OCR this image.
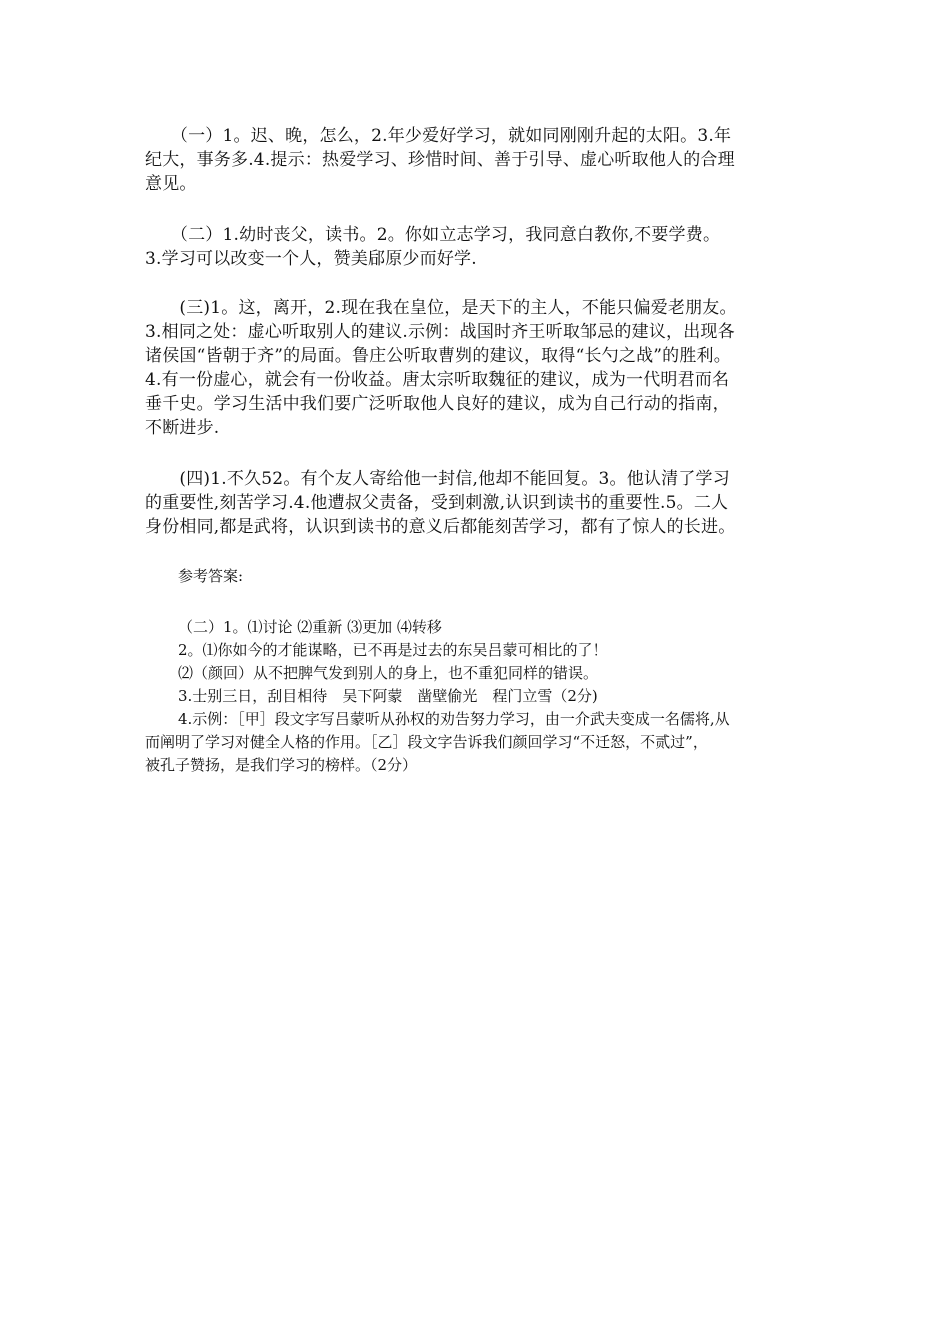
　　（一）1。迟、晚，怎么，2.年少爱好学习，就如同刚刚升起的太阳。3.年
纪大，事务多.4.提示：热爱学习、珍惜时间、善于引导、虚心听取他人的合理
意见。

　　（二）1.幼时丧父，读书。2。你如立志学习，我同意白教你,不要学费。
3.学习可以改变一个人，赞美郈原少而好学.

　　(三)1。这，离开，2.现在我在皇位，是天下的主人，不能只偏爱老朋友。
3.相同之处：虚心听取别人的建议.示例：战国时齐王听取邹忌的建议，出现各
诸侯国“皆朝于齐”的局面。鲁庄公听取曹刿的建议，取得“长勺之战”的胜利。
4.有一份虚心，就会有一份收益。唐太宗听取魏征的建议，成为一代明君而名
垂千史。学习生活中我们要广泛听取他人良好的建议，成为自己行动的指南，
不断进步.

　　(四)1.不久52。有个友人寄给他一封信,他却不能回复。3。他认清了学习
的重要性,刻苦学习.4.他遭叔父责备，受到刺激,认识到读书的重要性.5。二人
身份相同,都是武将，认识到读书的意义后都能刻苦学习，都有了惊人的长进。

参考答案:
（二）1。⑴讨论 ⑵重新 ⑶更加 ⑷转移
2。⑴你如今的才能谋略，已不再是过去的东吴吕蒙可相比的了！
⑵（颜回）从不把脾气发到别人的身上，也不重犯同样的错误。
3.士别三日，刮目相待　吴下阿蒙　凿壁偷光　程门立雪（2分)
4.示例：［甲］段文字写吕蒙听从孙权的劝告努力学习，由一介武夫变成一名儒将,从
而阐明了学习对健全人格的作用。［乙］段文字告诉我们颜回学习“不迁怒，不贰过”，
被孔子赞扬，是我们学习的榜样。（2分）
